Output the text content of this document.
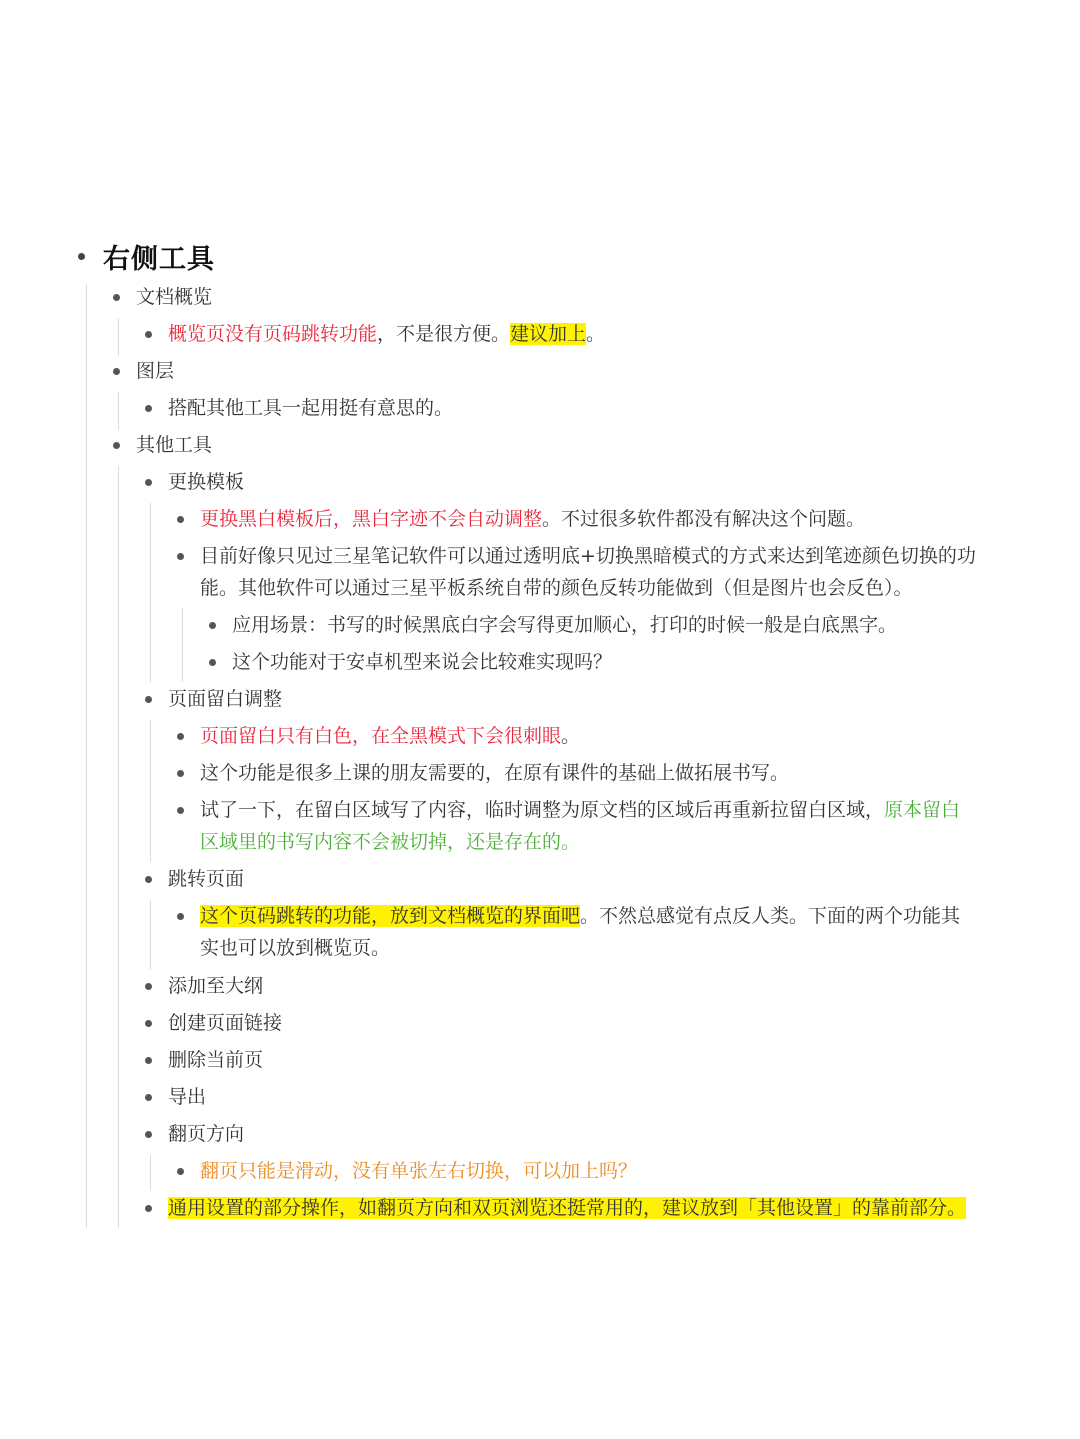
右侧工具
文档概览
概览页没有页码跳转功能，不是很方便。建议加上。
图层
搭配其他工具一起用挺有意思的。
其他工具
更换模板
更换黑白模板后，黑白字迹不会自动调整。不过很多软件都没有解决这个问题。
目前好像只见过三星笔记软件可以通过透明底+切换黑暗模式的方式来达到笔迹颜色切换的功
能。其他软件可以通过三星平板系统自带的颜色反转功能做到（但是图片也会反色）。
应用场景：书写的时候黑底白字会写得更加顺心，打印的时候一般是白底黑字。
这个功能对于安卓机型来说会比较难实现吗？
页面留白调整
页面留白只有白色，在全黑模式下会很刺眼。
这个功能是很多上课的朋友需要的，在原有课件的基础上做拓展书写。
试了一下，在留白区域写了内容，临时调整为原文档的区域后再重新拉留白区域，原本留白
区域里的书写内容不会被切掉，还是存在的。
跳转页面
这个页码跳转的功能，放到文档概览的界面吧。不然总感觉有点反人类。下面的两个功能其
实也可以放到概览页。
添加至大纲
创建页面链接
删除当前页
导出
翻页方向
翻页只能是滑动，没有单张左右切换，可以加上吗？
通用设置的部分操作，如翻页方向和双页浏览还挺常用的，建议放到「其他设置」的靠前部分。
